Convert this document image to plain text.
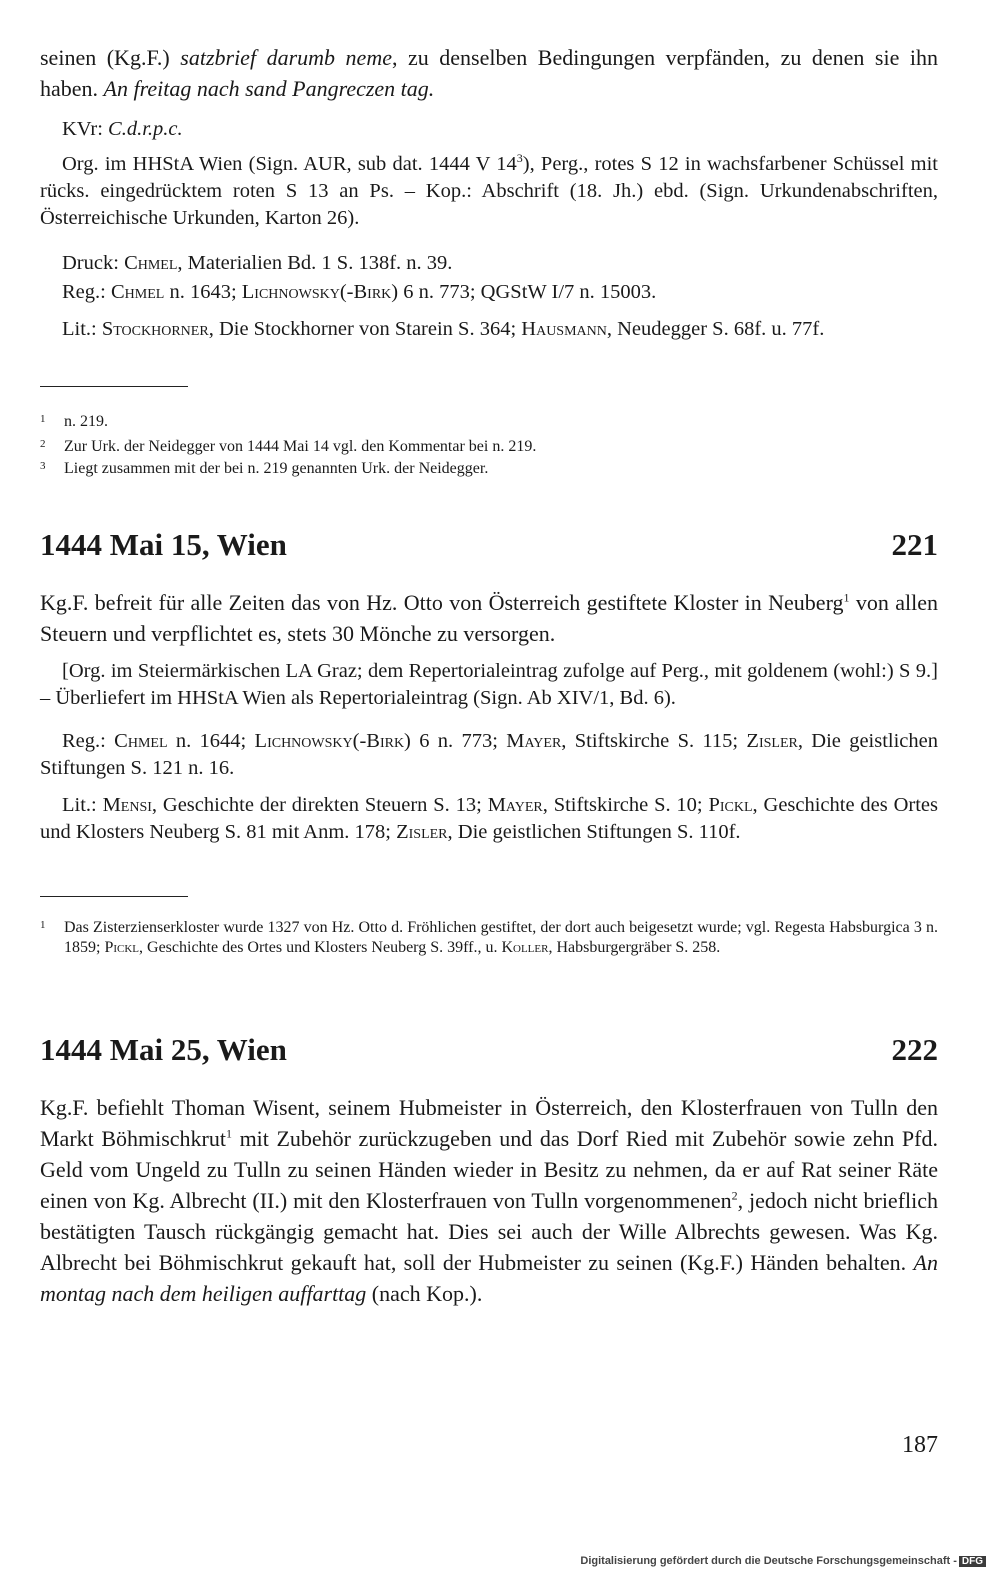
seinen (Kg.F.) satzbrief darumb neme, zu denselben Bedingungen verpfänden, zu denen sie ihn haben. An freitag nach sand Pangreczen tag.

KVr: C.d.r.p.c.

Org. im HHStA Wien (Sign. AUR, sub dat. 1444 V $14^3$), Perg., rotes S 12 in wachsfarbener Schüssel mit rücks. eingedrücktem roten S 13 an Ps. – Kop.: Abschrift (18. Jh.) ebd. (Sign. Urkundenabschriften, Österreichische Urkunden, Karton 26).

Druck: Chmel, Materialien Bd. 1 S. 138f. n. 39.

Reg.: Chmel n. 1643; Lichnowsky(-Birk) 6 n. 773; QGStW I/7 n. 15003.

Lit.: Stockhorner, Die Stockhorner von Starein S. 364; Hausmann, Neudegger S. 68f. u. 77f.

1 n. 219.
2 Zur Urk. der Neidegger von 1444 Mai 14 vgl. den Kommentar bei n. 219.
3 Liegt zusammen mit der bei n. 219 genannten Urk. der Neidegger.
1444 Mai 15, Wien	221

Kg.F. befreit für alle Zeiten das von Hz. Otto von Österreich gestiftete Kloster in Neuberg$^1$ von allen Steuern und verpflichtet es, stets 30 Mönche zu versorgen.

[Org. im Steiermärkischen LA Graz; dem Repertorialeintrag zufolge auf Perg., mit goldenem (wohl:) S 9.] – Überliefert im HHStA Wien als Repertorialeintrag (Sign. Ab XIV/1, Bd. 6).

Reg.: Chmel n. 1644; Lichnowsky(-Birk) 6 n. 773; Mayer, Stiftskirche S. 115; Zisler, Die geistlichen Stiftungen S. 121 n. 16.

Lit.: Mensi, Geschichte der direkten Steuern S. 13; Mayer, Stiftskirche S. 10; Pickl, Geschichte des Ortes und Klosters Neuberg S. 81 mit Anm. 178; Zisler, Die geistlichen Stiftungen S. 110f.

1 Das Zisterzienserkloster wurde 1327 von Hz. Otto d. Fröhlichen gestiftet, der dort auch beigesetzt wurde; vgl. Regesta Habsburgica 3 n. 1859; Pickl, Geschichte des Ortes und Klosters Neuberg S. 39ff., u. Koller, Habsburgergräber S. 258.
1444 Mai 25, Wien	222

Kg.F. befiehlt Thoman Wisent, seinem Hubmeister in Österreich, den Klosterfrauen von Tulln den Markt Böhmischkrut$^1$ mit Zubehör zurückzugeben und das Dorf Ried mit Zubehör sowie zehn Pfd. Geld vom Ungeld zu Tulln zu seinen Händen wieder in Besitz zu nehmen, da er auf Rat seiner Räte einen von Kg. Albrecht (II.) mit den Klosterfrauen von Tulln vorgenommenen$^2$, jedoch nicht brieflich bestätigten Tausch rückgängig gemacht hat. Dies sei auch der Wille Albrechts gewesen. Was Kg. Albrecht bei Böhmischkrut gekauft hat, soll der Hubmeister zu seinen (Kg.F.) Händen behalten. An montag nach dem heiligen auffarttag (nach Kop.).

187
Digitalisierung gefördert durch die Deutsche Forschungsgemeinschaft - DFG
